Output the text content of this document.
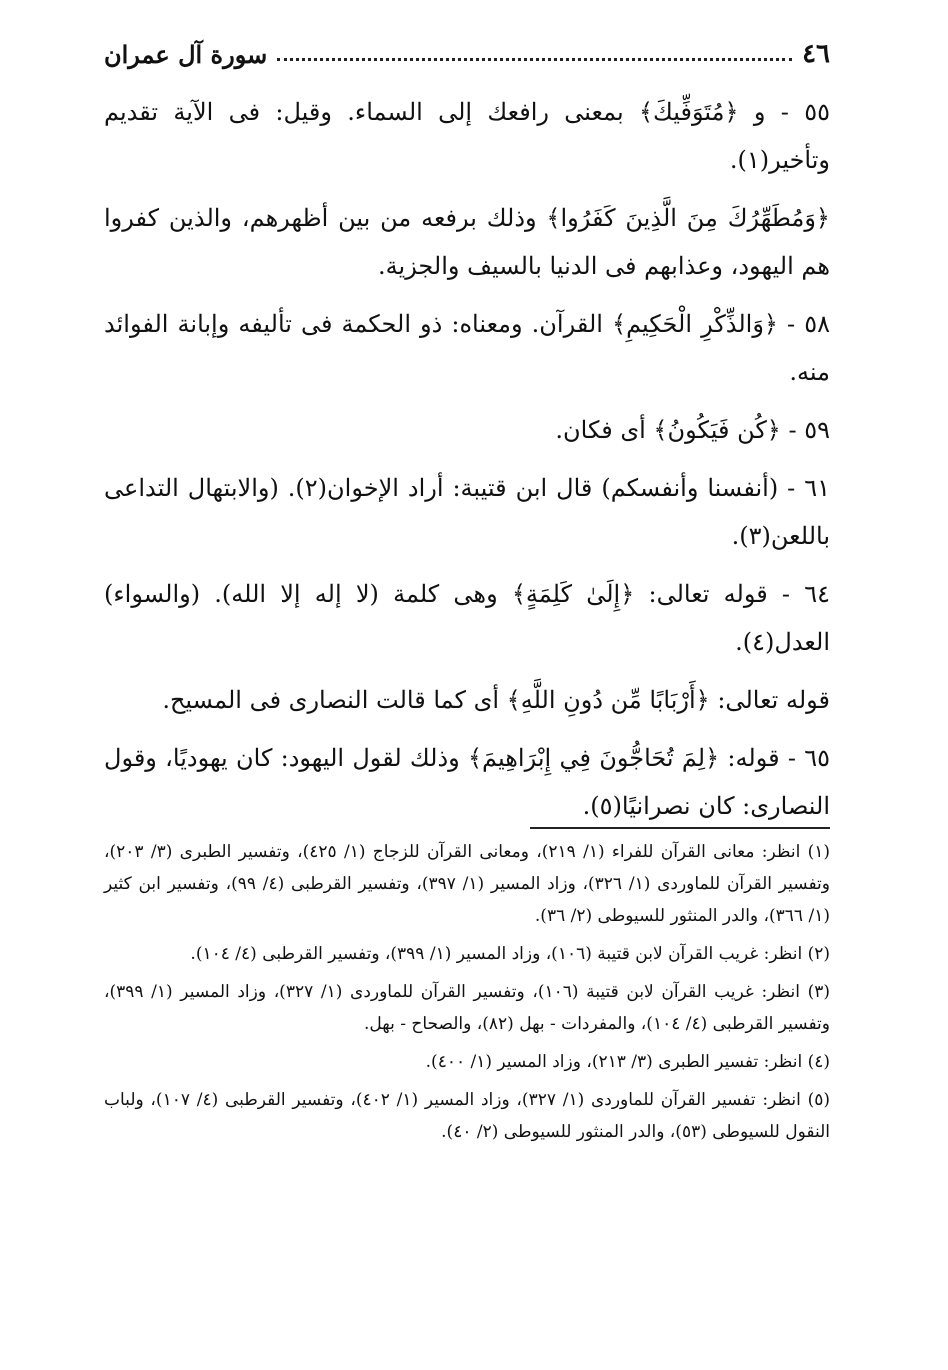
٤٦
سورة آل عمران

٥٥ - و ﴿مُتَوَفِّيكَ﴾ بمعنى رافعك إلى السماء. وقيل: فى الآية تقديم وتأخير(١).

﴿وَمُطَهِّرُكَ مِنَ الَّذِينَ كَفَرُوا﴾ وذلك برفعه من بين أظهرهم، والذين كفروا هم اليهود، وعذابهم فى الدنيا بالسيف والجزية.

٥٨ - ﴿وَالذِّكْرِ الْحَكِيمِ﴾ القرآن. ومعناه: ذو الحكمة فى تأليفه وإبانة الفوائد منه.

٥٩ - ﴿كُن فَيَكُونُ﴾ أى فكان.

٦١ - (أنفسنا وأنفسكم) قال ابن قتيبة: أراد الإخوان(٢). (والابتهال التداعى باللعن(٣).

٦٤ - قوله تعالى: ﴿إِلَىٰ كَلِمَةٍ﴾ وهى كلمة (لا إله إلا الله). (والسواء) العدل(٤).

قوله تعالى: ﴿أَرْبَابًا مِّن دُونِ اللَّهِ﴾ أى كما قالت النصارى فى المسيح.

٦٥ - قوله: ﴿لِمَ تُحَاجُّونَ فِي إِبْرَاهِيمَ﴾ وذلك لقول اليهود: كان يهوديًا، وقول النصارى: كان نصرانيًا(٥).

(١) انظر: معانى القرآن للفراء (١/ ٢١٩)، ومعانى القرآن للزجاج (١/ ٤٢٥)، وتفسير الطبرى (٣/ ٢٠٣)، وتفسير القرآن للماوردى (١/ ٣٢٦)، وزاد المسير (١/ ٣٩٧)، وتفسير القرطبى (٤/ ٩٩)، وتفسير ابن كثير (١/ ٣٦٦)، والدر المنثور للسيوطى (٢/ ٣٦).

(٢) انظر: غريب القرآن لابن قتيبة (١٠٦)، وزاد المسير (١/ ٣٩٩)، وتفسير القرطبى (٤/ ١٠٤).

(٣) انظر: غريب القرآن لابن قتيبة (١٠٦)، وتفسير القرآن للماوردى (١/ ٣٢٧)، وزاد المسير (١/ ٣٩٩)، وتفسير القرطبى (٤/ ١٠٤)، والمفردات - بهل (٨٢)، والصحاح - بهل.

(٤) انظر: تفسير الطبرى (٣/ ٢١٣)، وزاد المسير (١/ ٤٠٠).

(٥) انظر: تفسير القرآن للماوردى (١/ ٣٢٧)، وزاد المسير (١/ ٤٠٢)، وتفسير القرطبى (٤/ ١٠٧)، ولباب النقول للسيوطى (٥٣)، والدر المنثور للسيوطى (٢/ ٤٠).
